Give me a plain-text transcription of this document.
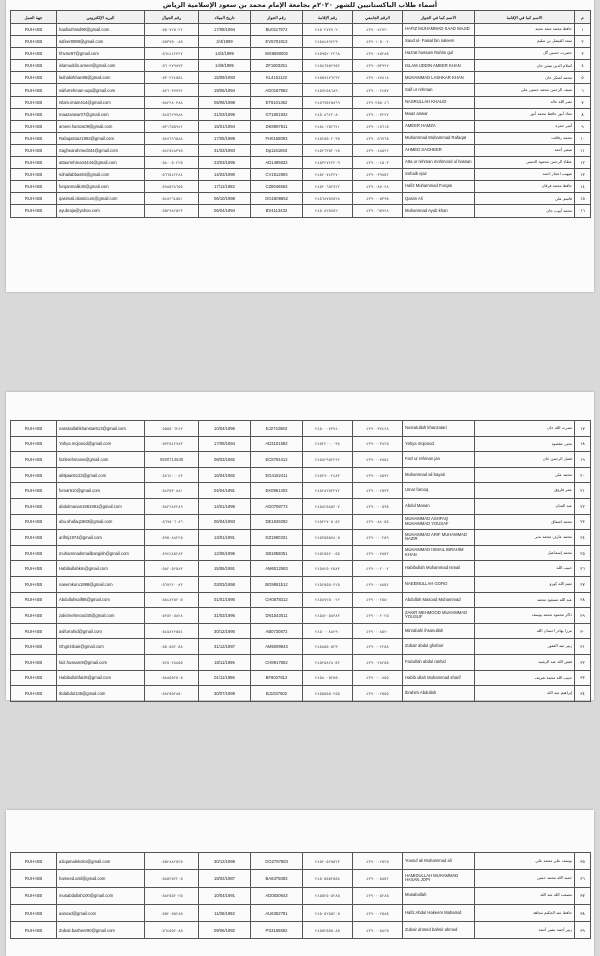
أسماء طلاب الباكستانيين للشهر ٢٠٢٠م بجامعة الإمام محمد بن سعود الإسلامية الرياض
جهة العمل	البريد الإلكتروني	رقم الجوال	تاريخ الميلاد	رقم الجواز	رقم الإقامة	الرقم الجامعي	الاسم كما في الجواز	الاسم كما في الإقامة	م
RUH-ISB	haafiazhssd90@gmail.com	٠٥٥٠٧٢٥٠٢٢	17/08/1994	BU0117972	٢٤٥٠٢٧٧٧٠٢٠	٤٣٩٠٠٤٢٧٢٠	HAFIZ MUHAMMAD SAAD MAJID	حافظ محمد سعد مجيد	١
RUH-ISB	safeer8098@gmail.com	٠٥٥٣٧٥٠٠٨٥	2/4/1999	EV5701813	٢٤٥٨٤٨٩٢٢٣٠	٤٣٩٠١٠٥٠٠٢	Saud ul- Faisal bin saleem	سعد الفيصل بن سليم	٢
RUH-ISB	hhvrar97@gmail.com	٠٥٦٤٤٤٢٣٢٧	14/3/1999	WS6890002	٢٤٥٩٥٢٠٢٢٦٨	٤٣٩٠٠٤٥٢٨٥	Hazrat hussain Rahim gul	حضرت حسين گل	٣
RUH-ISB	islamuddin.ameer@gmail.com	٠٥٦٠٢٧٩٨٧٣	14/9/1995	ZF1803251	٢٤٥٨٦٥٥٢٩٥٢	٤٣٩٠٠٥٣٩٢٧	ISLAM UDDIN AMEER KHAN	اسلام الدين تيمير خان	٤
RUH-ISB	lashakirkhan95@gmail.com	٠٥٣٠٢٢٤٥٥٤	15/09/1993	KL4151122	٢٤٥٥٩٤٧٦٢٣٢	٤٣٩٠٠٤٧٨١٨	MUHAMMAD LASHKAR KHAN	محمد لشكر خان	٥
RUH-ISB	saifurrehman-uqa@gmail.com	٠٥٧٦٠٣٧٧٩٢	19/05/1994	AG0167982	٢٤٥٧٢٥٨٦٨٩٠	٤٣٩٠٠٠٢٤٥٧	Saif ur rehman	سيف الرحمن محمد حسين علي	٦
RUH-ISB	Islam.imam414@gmail.com	٠٥٨٢٢٨٠٣٨٨	06/06/1998	ET8101362	٢٤٥٦٩٥٢٥٨٦٩	٤٣٩٠٢٥٥٠٤٦	NASRULLAH KHALID	نصر الله خالد	٧
RUH-ISB	maazanwar07@gmail.com	٠٥٤٥٦٢٩٧٨٨	21/03/1996	GT1801932	٢٤٥٠٨٦٢٢٠٨٠	٤٣٩٠٠٠٣٢٢٧	Maaz anwar	معاذ أنور حافظ محمد أنور	٨
RUH-ISB	ameer.hamza09@gmail.com	٠٥٣١٦٥٥٩٤٢	15/01/1994	DK8987811	٢٤٥٤٠٢٥٢٦٢١	٤٣٩٠٠١٥٦١٥	AMEER HAMZA	أمير حمزة	٩
RUH-ISB	Rafaqatniaz1992@gmail.com	٠٥٧٨٦٩٦٥٨٨	17/05/1989	FH0158093	٢٤٥٢٥٥٠٢٠٣٥	٤٣٩٠٠٥٦٧٦٥	Muhammad Muhammad Rafaqat	محمد رفاقت	١٠
RUH-ISB	Saghearahmed344@gmail.com	٠٥٤٢٥٤٨٣٧٥	31/03/1993	Dp1161853	٢٤٥٢٦٣٥٢٠٢٥	٤٣٩٠٠٤٨٥٢٢	AHMED SAGHEER	صغير أحمد	١١
RUH-ISB	attaurrehman4444@gmail.com	٠٥٨٠٠٥٠٢٢٥	23/03/1995	AD1495632	٢٤٥٣٢٧٢٢٢٠٩	٤٣٩٠٠٠٤٥٠٣	Atta ur rehman mohmood ul hassan	عطاء الرحمن محمود الحسن	١٢
RUH-ISB	sohailabbas84@gmail.com	٠٥٦٦٥٤٢٢٨٤	14/03/1990	CV1512893	٢٤٥٢٠٧٤٣٢٧٠	٤٣٩٠٠٣٩٨٥٢	Sohaib ejaz	صهيب اعجاز احمد	١٣
RUH-ISB	furqanmalik40@gmail.com	٠٥٩٨٥٢٨٦٥٥	17/11/1992	CZ8046663	٢٤٥٢٠٦٥٢٧٢٢	٤٣٩٠٠٨٧٠٢٨	Hafiz Muhammad Furqan	حافظ محمد فرقان	١٤
RUH-ISB	qasimali.islamicum@gmail.com	٠٥٤٨٢٦٤٥٥١	06/10/1998	GG1809652	٢٤٥٦٨٧٥٧٥٢٨	٤٣٩٠٠٠٥٣٩٥	Qasim Ali	قاسم علي	١٥
RUH-ISB	ayubraja@yahoo.com	٠٥٥٢٩٨٢٥٢٣	06/04/1994	BV4113432	٢٤٥٠٨٢٥٧٥٢٠	٤٣٩٠٠٦٥٩٢٨	Muhammad Ayub khan	محمد أيوب خان	١٦
RUH-ISB	nasratullahkhanstar613@gmail.com	٠٥٥٥٥٠٦٢٤٣	10/04/1996	EJ2742883	٢٤٥٠٠٠٧٣٧٤٠	٤٣٩٠٠٣٧٤٢٨	Nusratullah khanzatari	نصرت الله خان	١٧
RUH-ISB	Yahya.mojoood@gmail.com	٠٥٣٢٥٤٢٧٨٣	17/09/1994	AD3101582	٢٤٥٢٢٠٠٠٠٣٨	٤٣٩٠٠٠٣٨٢٥	Yahya mojoood	يحيى مقصود	١٨
RUH-ISB	fazlerehmanw@gmail.com	0590714638	08/03/1992	EC8794412	٢٤٥٨٢٩٥٢٢٩٢	٤٣٩٠٠٠٧٨٥٤	Fazl ur rehman jan	فضل الرحمن جان	١٩
RUH-ISB	ali9jaan5123@gmail.com	٠٥٨٦٤٠٠٠٤٣	16/04/1992	EG4152411	٢٤٥٢٧٠٠٢٤٨٣	٤٣٩٠٠٠٨٥٩٢	Muhammad ali bayati	محمد علي	٢٠
RUH-ISB	fumar610@gmail.com	٠٥٤٣٥٣٠٨٨١	04/04/1991	EK0961403	٢٤٥٢٨٢٥٣٢٧٢	٤٣٩٠٠٠٢٥٣٣	Umar farooq	عمر فاروق	٢١
RUH-ISB	abdulmanan1981991@gmail.com	٠٥٨٢٢٨٧٢٨٩	14/01/1996	AG0708772	٢٤٥٨٢٥٨٥٢٠٧	٤٣٩٠٠٠٠٥٩٥	Abdul Manan	عبد المنان	٢٢
RUH-ISB	abu.shafaq1983@gmail.com	٠٥٦٩٥٠٦٠٨٦	06/04/1993	DE1849292	٢٤٥٢٢٧٠٥٠٥٢	٤٣٩٠٠٨٤٠٥٥	MUHAMMAD ASHFAQ MUHAMMAD YOUSAF	محمد اشفاق	٢٣
RUH-ISB	arifmj1974@gmail.com	٠٥٩٥٠٨٨٢٢٥	13/01/1991	DZ1980331	٢٤٥٣٥٥٥٧٨٠٥	٤٣٩٠٠٠٠٢٥٩	MUHAMMAD ARIF MUHAMMAD NAZIR	محمد عارف محمد نذير	٢٤
RUH-ISB	muhammadsmailbangish@gmail.com	٠٥٩٤٢٨٥٢٨٣	12/06/1996	SB1856051	٢٤٥٢٥٥٢٠٠٥٥	٤٣٩٠٠٠٧٨٥٢	MUHAMMAD ISMAIL IBRAHIM KHAN	محمد إسماعيل	٢٥
RUH-ISB	Habibullahkm@gmail.com	٠٥٨٢٠٥٢٥٨٣	15/06/1991	AM6012583	٢٤٥٨٢٥٠٢٥٨٣	٤٣٩٠٠٠٢٠٠٢	Habibullah Muhammad Ismail	حبيب الله	٢٦
RUH-ISB	naeemkoru1998@gmail.com	٠٥٦٧٢٢٠٠٨٣	03/03/1998	BG9951512	٢٤٥٢٥٥٥٠٢٢٥	٤٣٩٠٠٠٨٨٥٢	NAEEMULLAH GORO	نعيم الله كورو	٢٧
RUH-ISB	Abdullahsaif86@gmail.com	٠٥٨٤٨٢٥٢٠٥	01/01/1990	CH0878312	٢٤٥٨٧٢٥٠٠٢٢	٤٣٩٠٠٠٢٥٥٠	Abdullah Masood Muhammad	عبد الله مسعود محمد	٢٨
RUH-ISB	zakirmehmood40@gmail.com	٠٥٢٥٢٠٥٨٢٨	31/03/1996	DN1543011	٢٤٥٨٢٠٥٨٣٨٣	٤٣٩٠٠٠٢٠٢٥	ZAKIR MEHMOOD MUHAMMAD YOUSUF	ذاكر محمود محمد يوسف	٢٩
RUH-ISB	asifurrahid@gmail.com	٠٥٤٥٨٢٢٥٥٤	30/12/1990	AB0730872	٢٤٥٠٠٠٨٨٢٩٠	٤٣٩٠٠٠٨٥٢٠	Mirzabahi ihsanullah	مرزا بهادر احسان الله	٣٠
RUH-ISB	Ghgrizsbair@gmail.com	٠٥٥٠٥٥٢٠٥٨	31/12/1997	AM5099843	٢٤٥٨٥٥٠٥٢٣٠	٤٣٩٠٠٠٢٢٥٨	Zubair abdul ghafoor	زبير عبد الغفور	٣١
RUH-ISB	faiz.hussam9@gmail.com	٠٥٢٥٠٢٨٨٥٥	18/11/1996	CH8917852	٢٤٥٢٥٨٢٨٠٥٢	٤٣٩٠٠٢٨٢٥٥	Faizullah abdul rashid	فيض الله عبد الرشيد	٣٢
RUH-ISB	Habibullahfaiz8@gmail.com	٠٥٨٨٥٥٢٥٠٥	01/11/1996	BF6037812	٢٤٥٨٠٠٥٢٥٥٠	٤٣٩٠٠٠٠٨٥٥	Habib ullah Muhammad sharif	حبيب الله محمد شريف	٣٣
RUH-ISB	Ibdabdul136@gmail.com	٠٥٨٢٥٥٢٨٥٠	30/07/1999	BJ1037602	٢٤٥٥٥٥٥٠٢٥٥	٤٣٩٠٠٠٢٥٥٥	Ibrahim Abdullah	إبراهيم عبد الله	٣٤
RUH-ISB	aziqamalekoko@gmail.com	٠٥٥٢٨٨٢٥٢٥	30/12/1998	GG2797883	٢٤٥٢٠٥٢٥٥٢٣	٤٣٩٠٠٠٢٥٢٥	Yousuf ali Muhammad ali	يوسف علي محمد علي	٣٥
RUH-ISB	hameed.aml@gmail.com	٠٥٨٥٢٥٢٢٠٥	18/02/1987	BA6375083	٢٤٥٠٥٥٥٢٥٥٨	٤٣٩٠٠٠٥٨٥٢	HAMIDULLAH MUHAMMAD HASAN JOPI	حميد الله محمد حسن	٣٦
RUH-ISB	musabdullah100@gmail.com	٠٥٨٢٥٥٢٠٢٥	10/04/1991	AD0830643	٢٤٥٥٢٥٠٥٢٨٥	٤٣٩٠٠٠٥٢٨٥	Musabullah	مصعب الله عبد الله	٣٧
RUH-ISB	aanoxd@gmail.com	٠٥٥٢٠٥٥٢٨٥	11/06/1992	AU6352791	٢٤٥٠٥٢٥٥٢٠٥	٤٣٩٠٠٠٢٥٨٥	Hafiz Abdul Hakeem Mahamid	حافظ عبد الحكيم مجاهد	٣٨
RUH-ISB	Zubair.basheer90@gmail.com	٠٥٦٤٥٥٢٠٨٥	09/06/1992	PS3165682	٢٤٥٥٢٥٥٥٠٨٥	٤٣٩٠٠٠٥٨٢٥	Zubair ahmed bahsir ahmed	زبير أحمد بشير أحمد	٣٩
